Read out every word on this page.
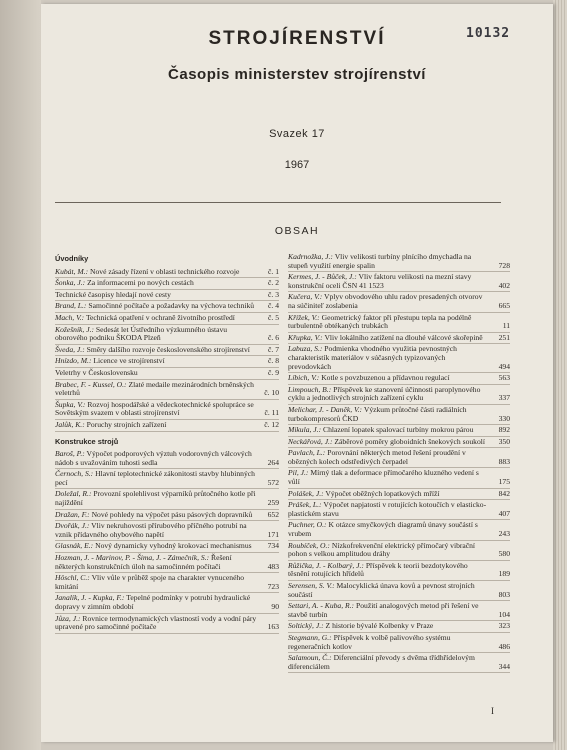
STROJÍRENSTVÍ	10132
Časopis ministerstev strojírenství
Svazek 17
1967
OBSAH
Úvodníky
Kubát, M.: Nové zásady řízení v oblasti technického rozvoje	č. 1
Šonka, J.: Za informacemi po nových cestách	č. 2
Technické časopisy hledají nové cesty	č. 3
Brand, L.: Samočinné počítače a požadavky na výchova techniků	č. 4
Mach, V.: Technická opatření v ochraně životního prostředí	č. 5
Kožešník, J.: Sedesát let Ústředního výzkumného ústavu oborového podniku ŠKODA Plzeň	č. 6
Šveda, J.: Směry dalšího rozvoje československého strojírenství	č. 7
Hnízdo, M.: Licence ve strojírenství	č. 8
Veletrhy v Československu	č. 9
Brabec, F. - Kussel, O.: Zlaté medaile mezinárodních brněnských veletrhů	č. 10
Šupka, V.: Rozvoj hospodářské a vědeckotechnické spolupráce se Sovětským svazem v oblasti strojírenství	č. 11
Jalůk, K.: Poruchy strojních zařízení	č. 12
Konstrukce strojů
Baroš, P.: Výpočet podporových výztuh vodorovných válcových nádob s uvažováním tuhosti sedla	264
Černoch, S.: Hlavní teplotechnické zákonitosti stavby hlubinných pecí	572
Doležal, R.: Provozní spolehlivost výparníků průtočného kotle při najíždění	259
Dražan, F.: Nové pohledy na výpočet pásu pásových dopravníků	652
Dvořák, J.: Vliv nekruhovosti přírubového příčného potrubí na vznik přídavného ohybového napětí	171
Glasnák, E.: Nový dynamicky vyhodný krokovací mechanismus	734
Hozman, J. - Marinov, P. - Šima, J. - Zámečník, S.: Řešení některých konstrukčních úloh na samočinném počítači	483
Höschl, C.: Vliv vůle v průběž spoje na charakter vynuceného kmitání	723
Janalík, J. - Kupka, F.: Tepelné podmínky v potrubí hydraulické dopravy v zimním období	90
Jůza, J.: Rovnice termodynamických vlastností vody a vodní páry upravené pro samočinné počítače	163
Kadrnožka, J.: Vliv velikosti turbíny plnícího dmychadla na stupeň využití energie spalin	728
Kermes, J. - Bůček, J.: Vliv faktoru velikosti na mezní stavy konstrukční oceli ČSN 41 1523	402
Kučera, V.: Vplyv obvodového uhlu radov presadených otvorov na súčiniteľ zoslabenia	665
Křížek, V.: Geometrický faktor při přestupu tepla na podélně turbulentně obtékaných trubkách	11
Křupka, V.: Vliv lokálního zatížení na dlouhé válcové skořepině	251
Labuza, S.: Podmienka vhodného využitia pevnostných charakteristík materiálov v súčasných typizovaných prevodovkách	494
Líbich, V.: Kotle s povzbuzenou a přídavnou regulací	563
Limpouch, B.: Příspěvek ke stanovení účinnosti paroplynového cyklu a jednotlivých strojních zařízení cyklu	337
Melichar, J. - Daněk, V.: Výzkum průtočné části radiálních turbokompresorů ČKD	330
Mikula, J.: Chlazení lopatek spalovací turbíny mokrou párou	892
Neckářová, J.: Záběrové poměry globoidních šnekových soukolí	350
Pavlach, L.: Porovnání některých metod řešení proudění v obězných kolech odstředivých čerpadel	883
Pil, J.: Mírný tlak a deformace přímočarého kluzného vedení s vůlí	175
Polášek, J.: Výpočet oběžných lopatkových mříží	842
Prášek, L.: Výpočet napjatosti v rotujících kotoučích v elasticko-plastickém stavu	407
Puchner, O.: K otázce smyčkových diagramů únavy součástí s vrubem	243
Roubíček, O.: Nízkofrekvenční elektrický přímočarý vibrační pohon s velkou amplitudou dráhy	580
Růžička, J. - Kolbarý, J.: Příspěvek k teorii bezdotykového těsnění rotujících hřídelů	189
Serensen, S. V.: Malocyklická únava kovů a pevnost strojních součástí	803
Settari, A. - Kuba, R.: Použití analogových metod při řešení ve stavbě turbín	104
Soltický, J.: Z historie bývalé Kolbenky v Praze	323
Stegmann, G.: Příspěvek k volbě palivového systému regeneračních kotlov	486
Salamoun, Č.: Diferenciální převody s dvěma třídhřídelovým diferenciálem	344
I
